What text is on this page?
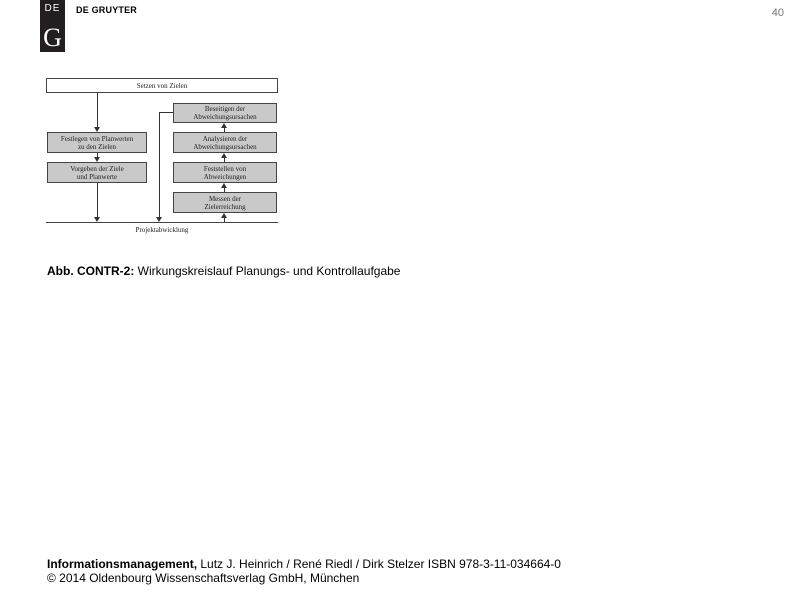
DE
G
DE GRUYTER	40
Setzen von Zielen
Projektabwicklung
Festlegen von Planwerten
zu den Zielen
Vorgeben der Ziele
und Planwerte
Beseitigen der
Abweichungsursachen
Analysieren der
Abweichungsursachen
Feststellen von
Abweichungen
Messen der
Zielerreichung
Abb. CONTR-2: Wirkungskreislauf Planungs- und Kontrollaufgabe
Informationsmanagement, Lutz J. Heinrich / René Riedl / Dirk Stelzer ISBN 978-3-11-034664-0
© 2014 Oldenbourg Wissenschaftsverlag GmbH, München
